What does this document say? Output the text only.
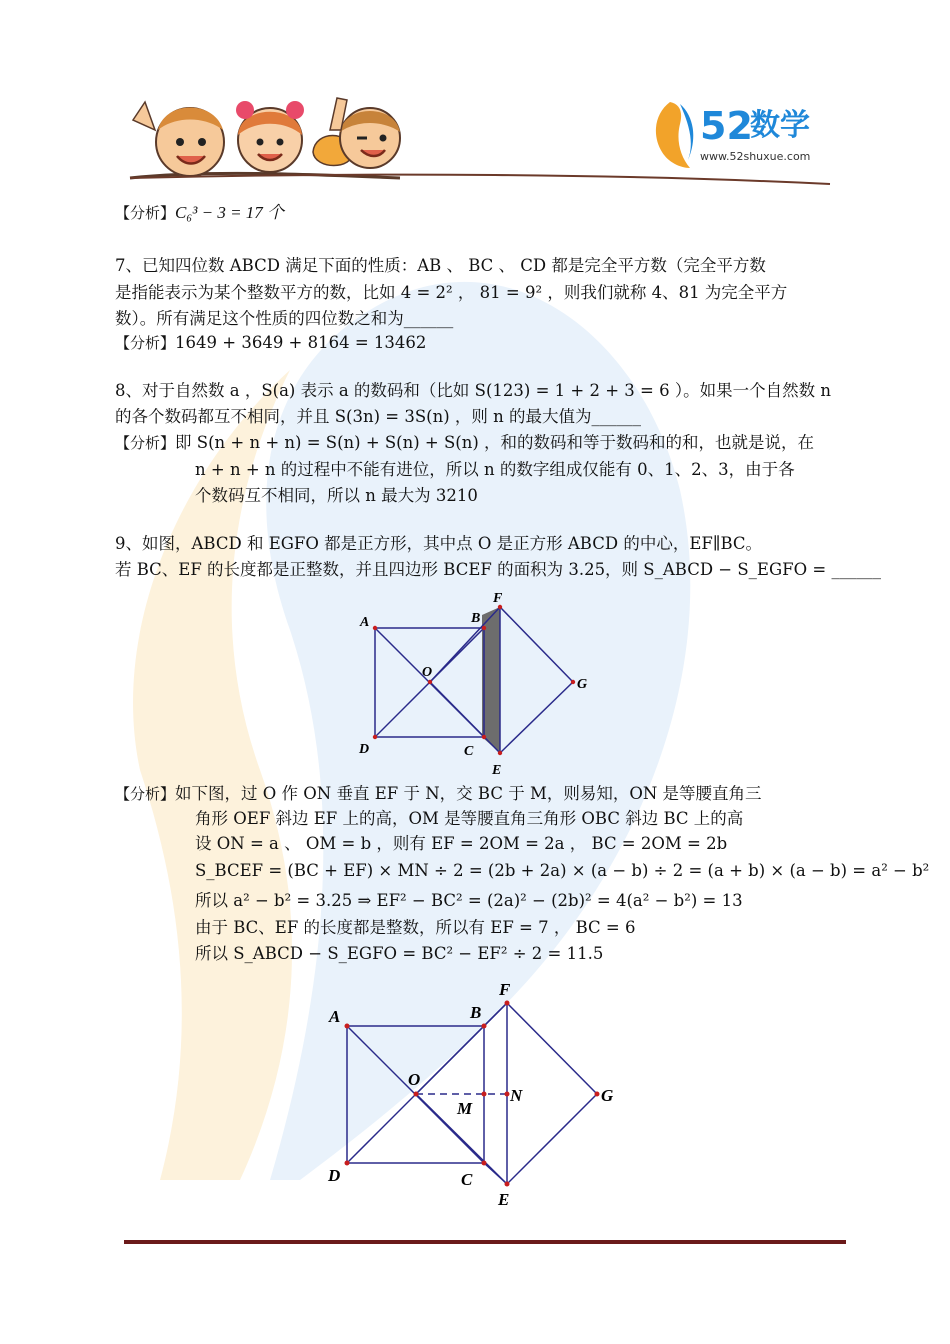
52
数学
www.52shuxue.com
【分析】C₆³ − 3 = 17 个
7、已知四位数 ABCD 满足下面的性质：AB 、 BC 、 CD 都是完全平方数（完全平方数
是指能表示为某个整数平方的数，比如 4 = 2² ， 81 = 9² ，则我们就称 4、81 为完全平方
数）。所有满足这个性质的四位数之和为______
【分析】1649 + 3649 + 8164 = 13462
8、对于自然数 a ，S(a) 表示 a 的数码和（比如 S(123) = 1 + 2 + 3 = 6 ）。如果一个自然数 n
的各个数码都互不相同，并且 S(3n) = 3S(n) ，则 n 的最大值为______
【分析】即 S(n + n + n) = S(n) + S(n) + S(n) ，和的数码和等于数码和的和，也就是说，在
n + n + n 的过程中不能有进位，所以 n 的数字组成仅能有 0、1、2、3，由于各
个数码互不相同，所以 n 最大为 3210
9、如图，ABCD 和 EGFO 都是正方形，其中点 O 是正方形 ABCD 的中心，EF∥BC。
若 BC、EF 的长度都是正整数，并且四边形 BCEF 的面积为 3.25，则 S_ABCD − S_EGFO = ______
A	B
C
D
O
E
F
G
【分析】如下图，过 O 作 ON 垂直 EF 于 N，交 BC 于 M，则易知，ON 是等腰直角三
角形 OEF 斜边 EF 上的高，OM 是等腰直角三角形 OBC 斜边 BC 上的高
设 ON = a 、 OM = b ，则有 EF = 2OM = 2a ， BC = 2OM = 2b
S_BCEF = (BC + EF) × MN ÷ 2 = (2b + 2a) × (a − b) ÷ 2 = (a + b) × (a − b) = a² − b²
所以 a² − b² = 3.25 ⇒ EF² − BC² = (2a)² − (2b)² = 4(a² − b²) = 13
由于 BC、EF 的长度都是整数，所以有 EF = 7 ， BC = 6
所以 S_ABCD − S_EGFO = BC² − EF² ÷ 2 = 11.5
A	B
C
D
O
M
N
E
F
G
